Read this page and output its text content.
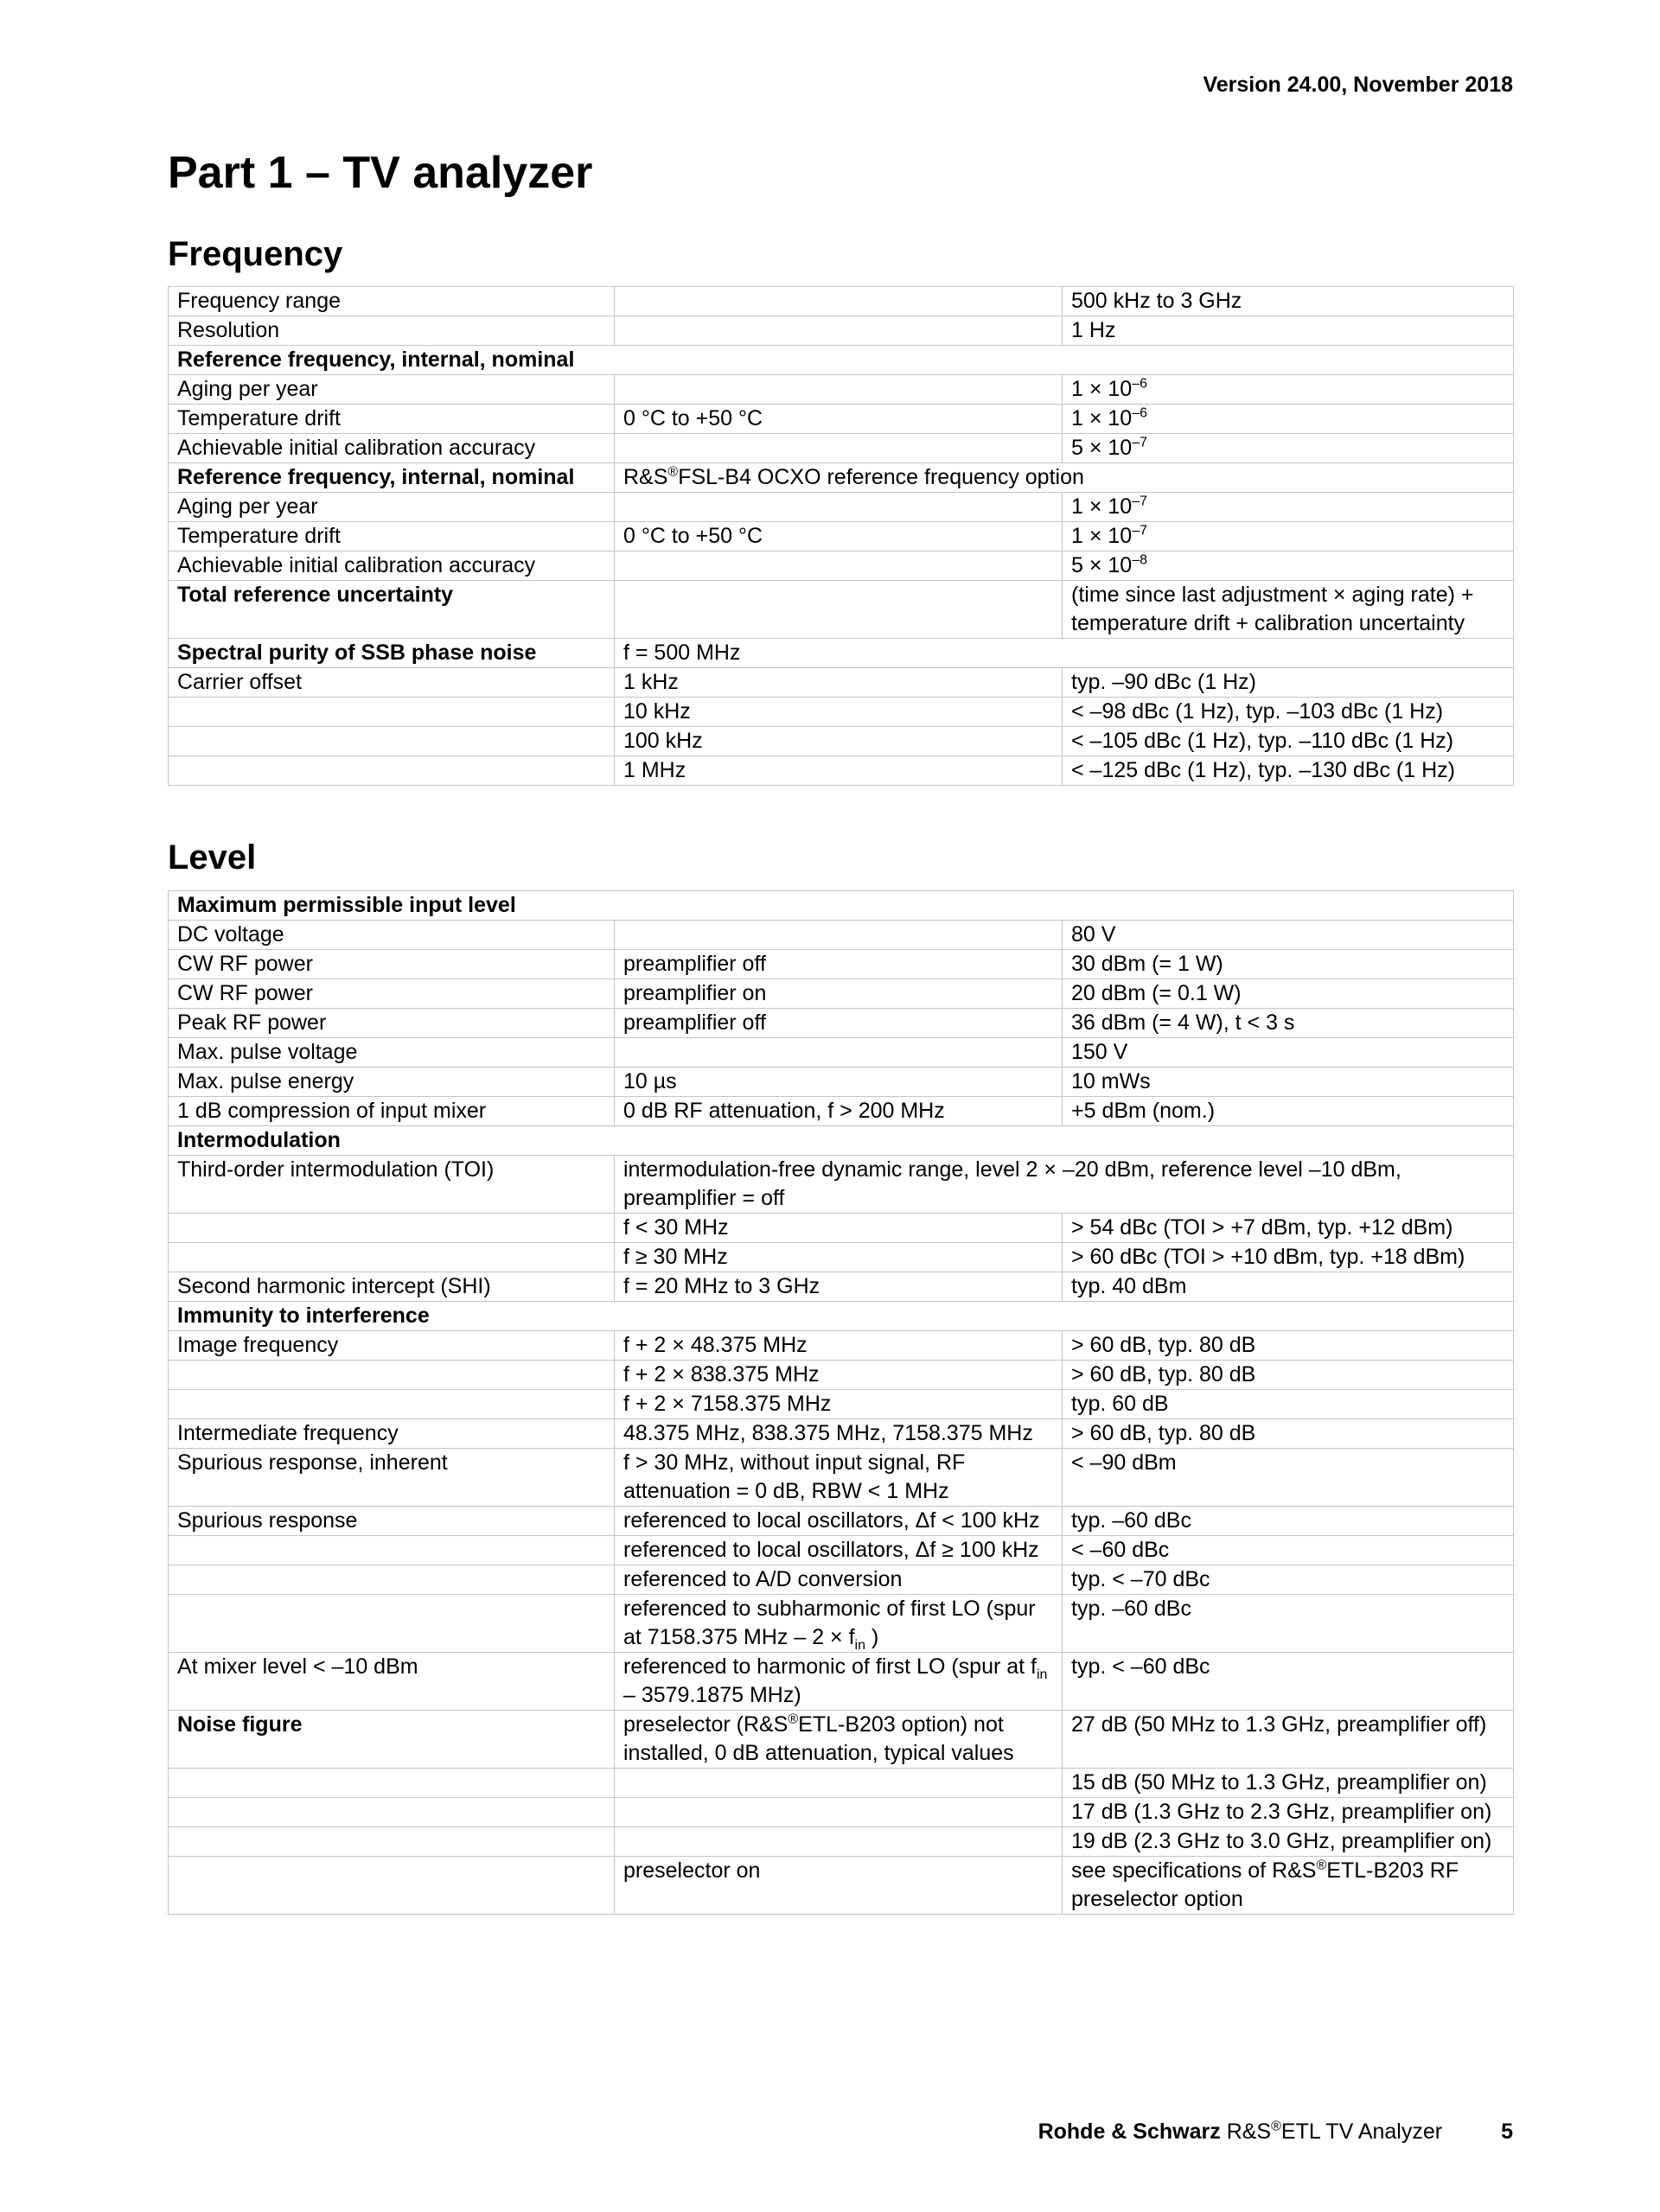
Version 24.00, November 2018
Part 1 – TV analyzer
Frequency
Frequency range		500 kHz to 3 GHz
Resolution		1 Hz
Reference frequency, internal, nominal		
Aging per year		$1 \times 10^{-6}$
Temperature drift	0 °C to +50 °C	$1 \times 10^{-6}$
Achievable initial calibration accuracy		$5 \times 10^{-7}$
Reference frequency, internal, nominal	R&S®FSL-B4 OCXO reference frequency option	
Aging per year		$1 \times 10^{-7}$
Temperature drift	0 °C to +50 °C	$1 \times 10^{-7}$
Achievable initial calibration accuracy		$5 \times 10^{-8}$
Total reference uncertainty		(time since last adjustment × aging rate) + temperature drift + calibration uncertainty
Spectral purity of SSB phase noise	f = 500 MHz	
Carrier offset	1 kHz	typ. –90 dBc (1 Hz)
	10 kHz	< –98 dBc (1 Hz), typ. –103 dBc (1 Hz)
	100 kHz	< –105 dBc (1 Hz), typ. –110 dBc (1 Hz)
	1 MHz	< –125 dBc (1 Hz), typ. –130 dBc (1 Hz)
Level
Maximum permissible input level		
DC voltage		80 V
CW RF power	preamplifier off	30 dBm (= 1 W)
CW RF power	preamplifier on	20 dBm (= 0.1 W)
Peak RF power	preamplifier off	36 dBm (= 4 W), t < 3 s
Max. pulse voltage		150 V
Max. pulse energy	10 µs	10 mWs
1 dB compression of input mixer	0 dB RF attenuation, f > 200 MHz	+5 dBm (nom.)
Intermodulation		
Third-order intermodulation (TOI)	intermodulation-free dynamic range, level 2 × –20 dBm, reference level –10 dBm, preamplifier = off	
	f < 30 MHz	> 54 dBc (TOI > +7 dBm, typ. +12 dBm)
	f ≥ 30 MHz	> 60 dBc (TOI > +10 dBm, typ. +18 dBm)
Second harmonic intercept (SHI)	f = 20 MHz to 3 GHz	typ. 40 dBm
Immunity to interference		
Image frequency	f + 2 × 48.375 MHz	> 60 dB, typ. 80 dB
	f + 2 × 838.375 MHz	> 60 dB, typ. 80 dB
	f + 2 × 7158.375 MHz	typ. 60 dB
Intermediate frequency	48.375 MHz, 838.375 MHz, 7158.375 MHz	> 60 dB, typ. 80 dB
Spurious response, inherent	f > 30 MHz, without input signal, RF attenuation = 0 dB, RBW < 1 MHz	< –90 dBm
Spurious response	referenced to local oscillators, Δf < 100 kHz	typ. –60 dBc
	referenced to local oscillators, Δf ≥ 100 kHz	< –60 dBc
	referenced to A/D conversion	typ. < –70 dBc
	referenced to subharmonic of first LO (spur at 7158.375 MHz – $2 \times f_{in}$ )	typ. –60 dBc
At mixer level < –10 dBm	referenced to harmonic of first LO (spur at $f_{in} - 3579.1875$ MHz)	typ. < –60 dBc
Noise figure	preselector (R&S®ETL-B203 option) not installed, 0 dB attenuation, typical values	27 dB (50 MHz to 1.3 GHz, preamplifier off)
		15 dB (50 MHz to 1.3 GHz, preamplifier on)
		17 dB (1.3 GHz to 2.3 GHz, preamplifier on)
		19 dB (2.3 GHz to 3.0 GHz, preamplifier on)
	preselector on	see specifications of R&S®ETL-B203 RF preselector option
Rohde & Schwarz
R&S®ETL TV Analyzer	5
